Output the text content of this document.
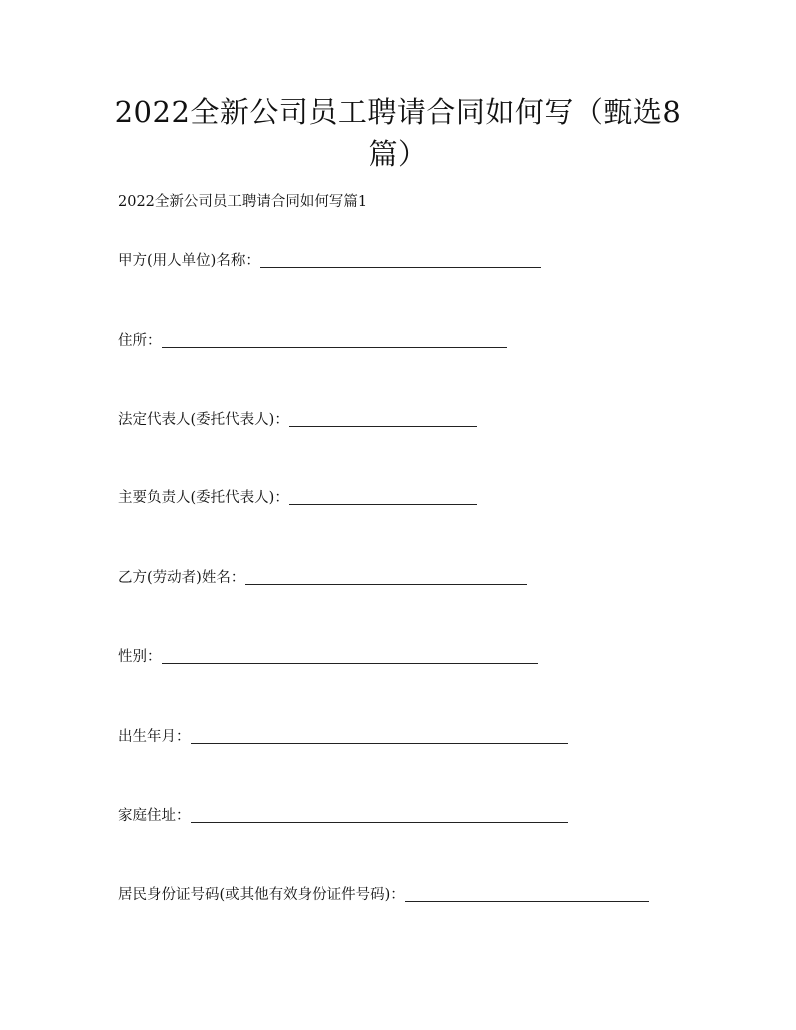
2022全新公司员工聘请合同如何写（甄选8
篇）
2022全新公司员工聘请合同如何写篇1
甲方(用人单位)名称：
住所：
法定代表人(委托代表人)：
主要负责人(委托代表人)：
乙方(劳动者)姓名：
性别：
出生年月：
家庭住址：
居民身份证号码(或其他有效身份证件号码)：
